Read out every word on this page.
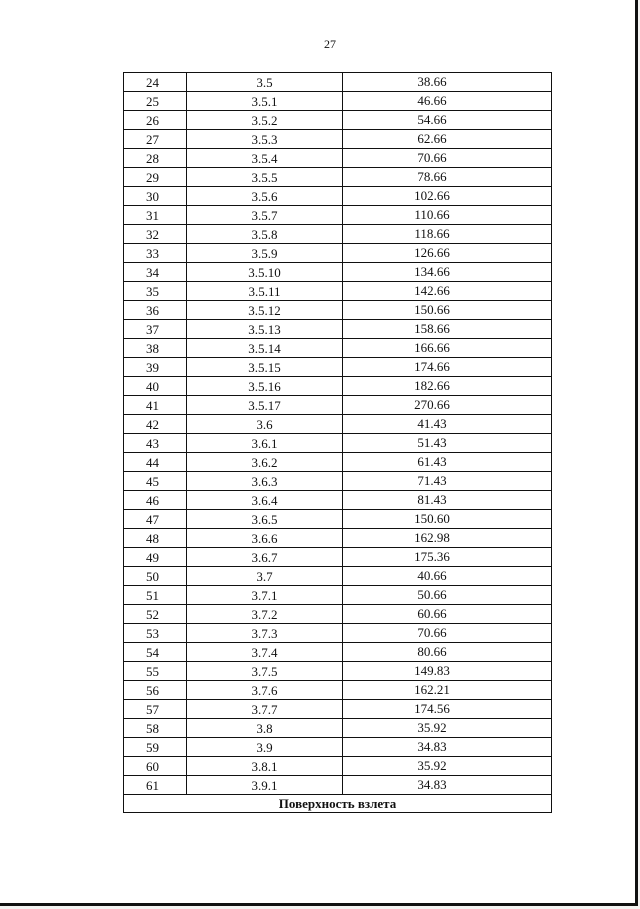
27
24	3.5	38.66
25	3.5.1	46.66
26	3.5.2	54.66
27	3.5.3	62.66
28	3.5.4	70.66
29	3.5.5	78.66
30	3.5.6	102.66
31	3.5.7	110.66
32	3.5.8	118.66
33	3.5.9	126.66
34	3.5.10	134.66
35	3.5.11	142.66
36	3.5.12	150.66
37	3.5.13	158.66
38	3.5.14	166.66
39	3.5.15	174.66
40	3.5.16	182.66
41	3.5.17	270.66
42	3.6	41.43
43	3.6.1	51.43
44	3.6.2	61.43
45	3.6.3	71.43
46	3.6.4	81.43
47	3.6.5	150.60
48	3.6.6	162.98
49	3.6.7	175.36
50	3.7	40.66
51	3.7.1	50.66
52	3.7.2	60.66
53	3.7.3	70.66
54	3.7.4	80.66
55	3.7.5	149.83
56	3.7.6	162.21
57	3.7.7	174.56
58	3.8	35.92
59	3.9	34.83
60	3.8.1	35.92
61	3.9.1	34.83
Поверхность взлета		
